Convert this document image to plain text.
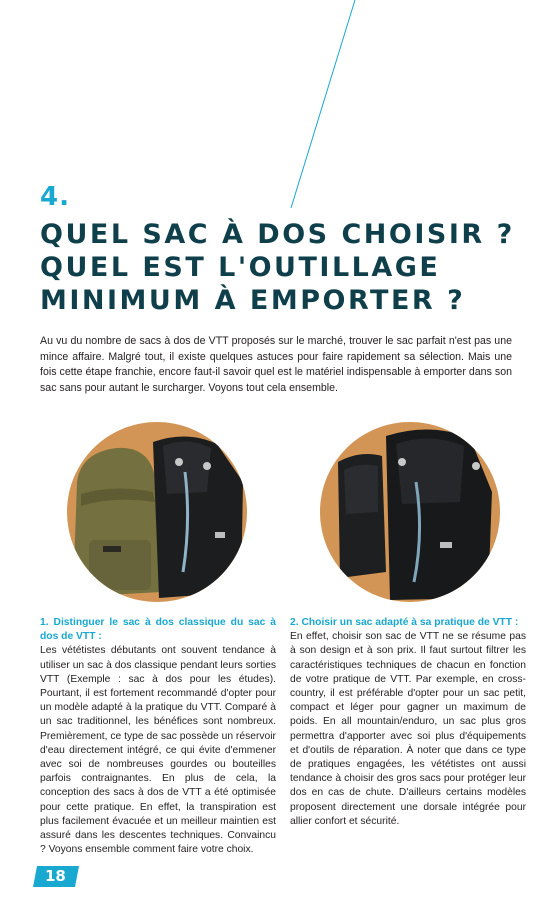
4.
QUEL SAC À DOS CHOISIR ?
QUEL EST L'OUTILLAGE
MINIMUM À EMPORTER ?

Au vu du nombre de sacs à dos de VTT proposés sur le marché, trouver le sac parfait n'est pas une mince affaire. Malgré tout, il existe quelques astuces pour faire rapidement sa sélection. Mais une fois cette étape franchie, encore faut-il savoir quel est le matériel indispensable à emporter dans son sac sans pour autant le surcharger. Voyons tout cela ensemble.

1. Distinguer le sac à dos classique du sac à dos de VTT :

Les vététistes débutants ont souvent tendance à utiliser un sac à dos classique pendant leurs sorties VTT (Exemple : sac à dos pour les études). Pourtant, il est fortement recommandé d'opter pour un modèle adapté à la pratique du VTT. Comparé à un sac traditionnel, les bénéfices sont nombreux. Premièrement, ce type de sac possède un réservoir d'eau directement intégré, ce qui évite d'emmener avec soi de nombreuses gourdes ou bouteilles parfois contraignantes. En plus de cela, la conception des sacs à dos de VTT a été optimisée pour cette pratique. En effet, la transpiration est plus facilement évacuée et un meilleur maintien est assuré dans les descentes techniques. Convaincu ? Voyons ensemble comment faire votre choix.

2. Choisir un sac adapté à sa pratique de VTT :

En effet, choisir son sac de VTT ne se résume pas à son design et à son prix. Il faut surtout filtrer les caractéristiques techniques de chacun en fonction de votre pratique de VTT. Par exemple, en cross-country, il est préférable d'opter pour un sac petit, compact et léger pour gagner un maximum de poids. En all mountain/enduro, un sac plus gros permettra d'apporter avec soi plus d'équipements et d'outils de réparation. À noter que dans ce type de pratiques engagées, les vététistes ont aussi tendance à choisir des gros sacs pour protéger leur dos en cas de chute. D'ailleurs certains modèles proposent directement une dorsale intégrée pour allier confort et sécurité.

18
